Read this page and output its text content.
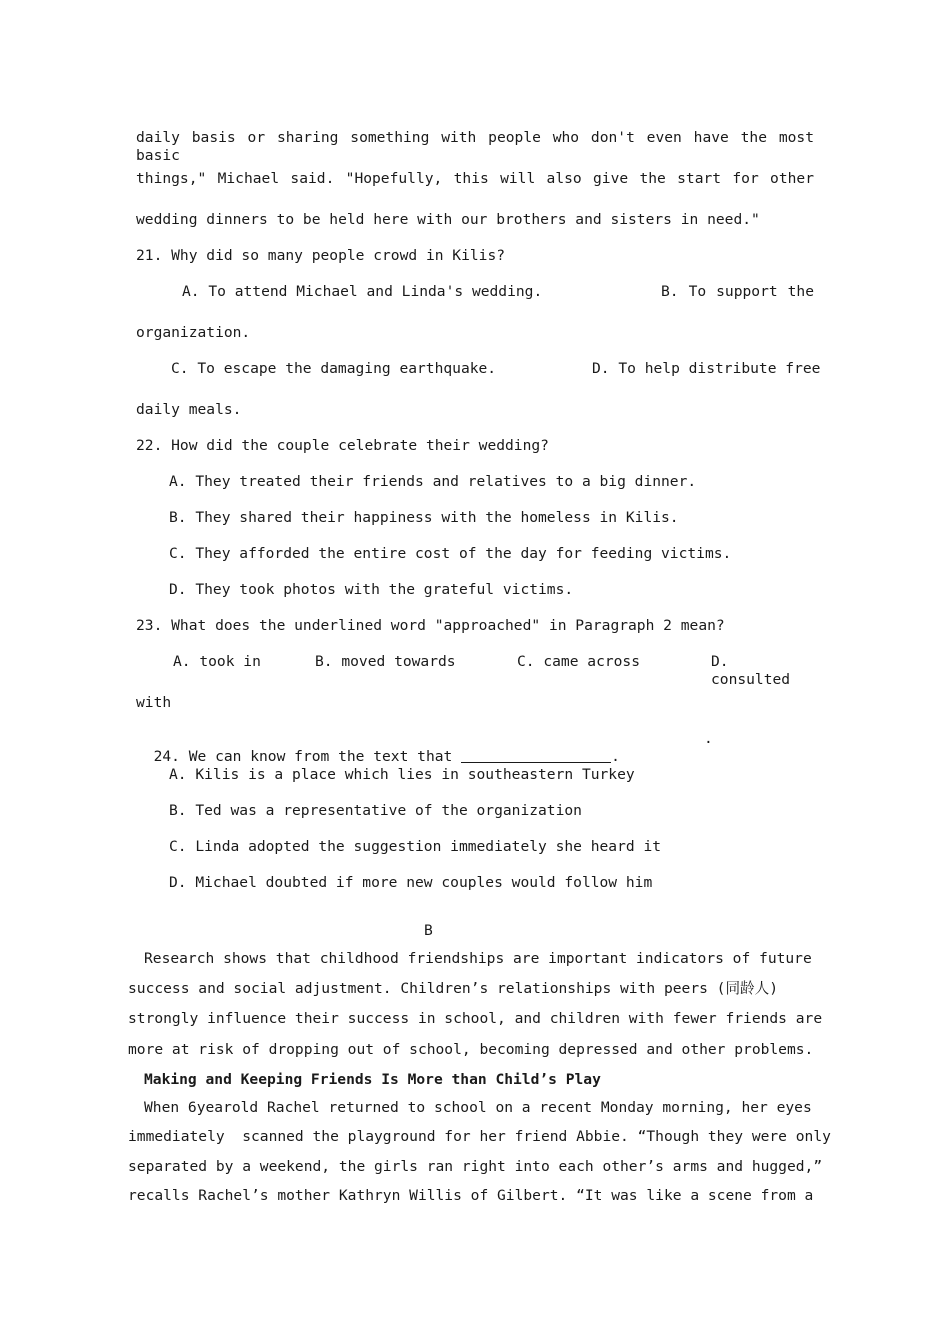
daily basis or sharing something with people who don't even have the most basic
things," Michael said. "Hopefully, this will also give the start for other
wedding dinners to be held here with our brothers and sisters in need."
21. Why did so many people crowd in Kilis?
A. To attend Michael and Linda's wedding.	B. To support the
organization.
C. To escape the damaging earthquake.	D. To help distribute free
daily meals.
22. How did the couple celebrate their wedding?
A. They treated their friends and relatives to a big dinner.
B. They shared their happiness with the homeless in Kilis.
C. They afforded the entire cost of the day for feeding victims.
D. They took photos with the grateful victims.
23. What does the underlined word "approached" in Paragraph 2 mean?
A. took in	B. moved towards	C. came across	D. consulted
with

24. We can know from the text that	.

.
A. Kilis is a place which lies in southeastern Turkey
B. Ted was a representative of the organization
C. Linda adopted the suggestion immediately she heard it
D. Michael doubted if more new couples would follow him
B
Research shows that childhood friendships are important indicators of future
success and social adjustment. Children’s relationships with peers (同龄人)
strongly influence their success in school, and children with fewer friends are
more at risk of dropping out of school, becoming depressed and other problems.
Making and Keeping Friends Is More than Child’s Play
When 6yearold Rachel returned to school on a recent Monday morning, her eyes
immediately  scanned the playground for her friend Abbie. “Though they were only
separated by a weekend, the girls ran right into each other’s arms and hugged,”
recalls Rachel’s mother Kathryn Willis of Gilbert. “It was like a scene from a
